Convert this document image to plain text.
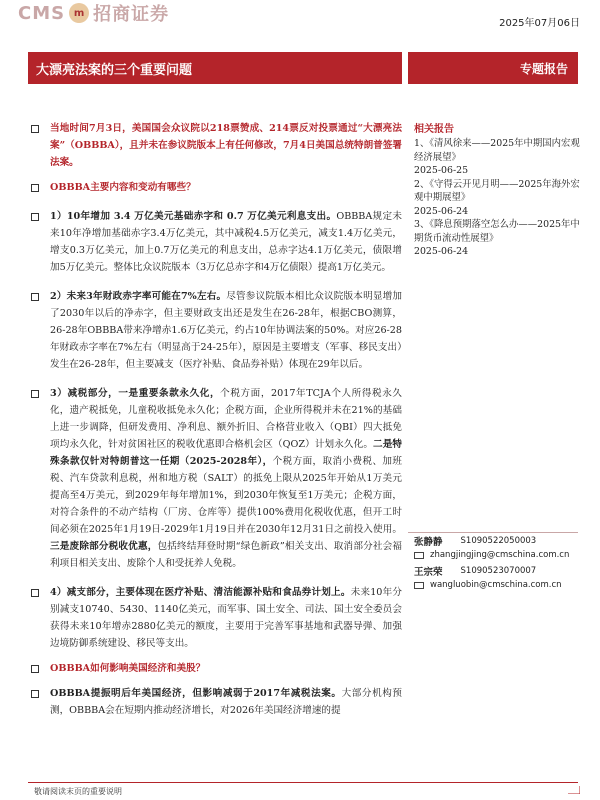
CMS m 招商证券	2025年07月06日
大漂亮法案的三个重要问题	专题报告
当地时间7月3日，美国国会众议院以218票赞成、214票反对投票通过“大漂亮法案”（OBBBA），且并未在参议院版本上有任何修改，7月4日美国总统特朗普签署法案。
OBBBA主要内容和变动有哪些？
1）10年增加 3.4 万亿美元基础赤字和 0.7 万亿美元利息支出。OBBBA规定未来10年净增加基础赤字3.4万亿美元，其中减税4.5万亿美元，减支1.4万亿美元，增支0.3万亿美元，加上0.7万亿美元的利息支出，总赤字达4.1万亿美元，债限增加5万亿美元。整体比众议院版本（3万亿总赤字和4万亿债限）提高1万亿美元。
2）未来3年财政赤字率可能在7%左右。尽管参议院版本相比众议院版本明显增加了2030年以后的净赤字，但主要财政支出还是发生在26-28年，根据CBO测算，26-28年OBBBA带来净增赤1.6万亿美元，约占10年协调法案的50%。对应26-28年财政赤字率在7%左右（明显高于24-25年），原因是主要增支（军事、移民支出）发生在26-28年，但主要减支（医疗补贴、食品券补贴）体现在29年以后。
3）减税部分，一是重要条款永久化，个税方面，2017年TCJA个人所得税永久化，遗产税抵免，儿童税收抵免永久化；企税方面，企业所得税并未在21%的基础上进一步调降，但研发费用、净利息、额外折旧、合格营业收入（QBI）四大抵免项均永久化，针对贫困社区的税收优惠即合格机会区（QOZ）计划永久化。二是特殊条款仅针对特朗普这一任期（2025-2028年），个税方面，取消小费税、加班税、汽车贷款利息税，州和地方税（SALT）的抵免上限从2025年开始从1万美元提高至4万美元，到2029年每年增加1%，到2030年恢复至1万美元；企税方面，对符合条件的不动产结构（厂房、仓库等）提供100%费用化税收优惠，但开工时间必须在2025年1月19日-2029年1月19日并在2030年12月31日之前投入使用。三是废除部分税收优惠，包括终结拜登时期“绿色新政”相关支出、取消部分社会福利项目相关支出、废除个人和受抚养人免税。
4）减支部分，主要体现在医疗补贴、清洁能源补贴和食品券计划上。未来10年分别减支10740、5430、1140亿美元，而军事、国土安全、司法、国土安全委员会获得未来10年增赤2880亿美元的额度，主要用于完善军事基地和武器导弹、加强边境防御系统建设、移民等支出。
OBBBA如何影响美国经济和美股？
OBBBA提振明后年美国经济，但影响减弱于2017年减税法案。大部分机构预测，OBBBA会在短期内推动经济增长，对2026年美国经济增速的提
相关报告
1、《清风徐来——2025年中期国内宏观经济展望》
2025-06-25
2、《守得云开见月明——2025年海外宏观中期展望》
2025-06-24
3、《降息预期落空怎么办——2025年中期货币流动性展望》
2025-06-24
张静静 S1090522050003
zhangjingjing@cmschina.com.cn
王宗荣 S1090523070007
wangluobin@cmschina.com.cn
敬请阅读末页的重要说明
